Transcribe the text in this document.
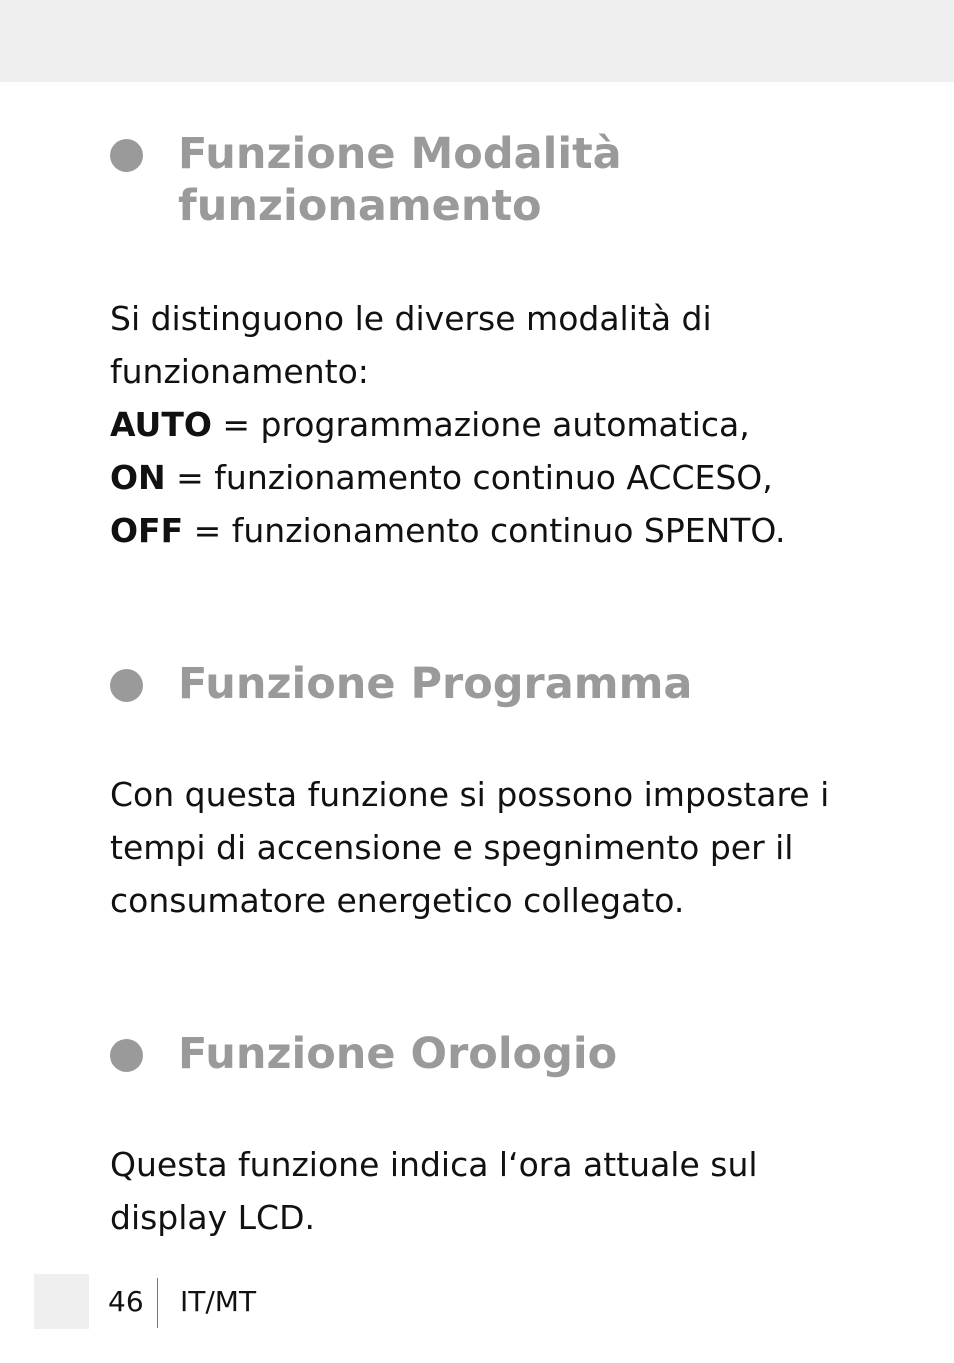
Funzione Modalità
funzionamento
Si distinguono le diverse modalità di
funzionamento:
AUTO = programmazione automatica,
ON = funzionamento continuo ACCESO,
OFF = funzionamento continuo SPENTO.
Funzione Programma
Con questa funzione si possono impostare i
tempi di accensione e spegnimento per il
consumatore energetico collegato.
Funzione Orologio
Questa funzione indica l‘ora attuale sul
display LCD.
46 IT/MT
